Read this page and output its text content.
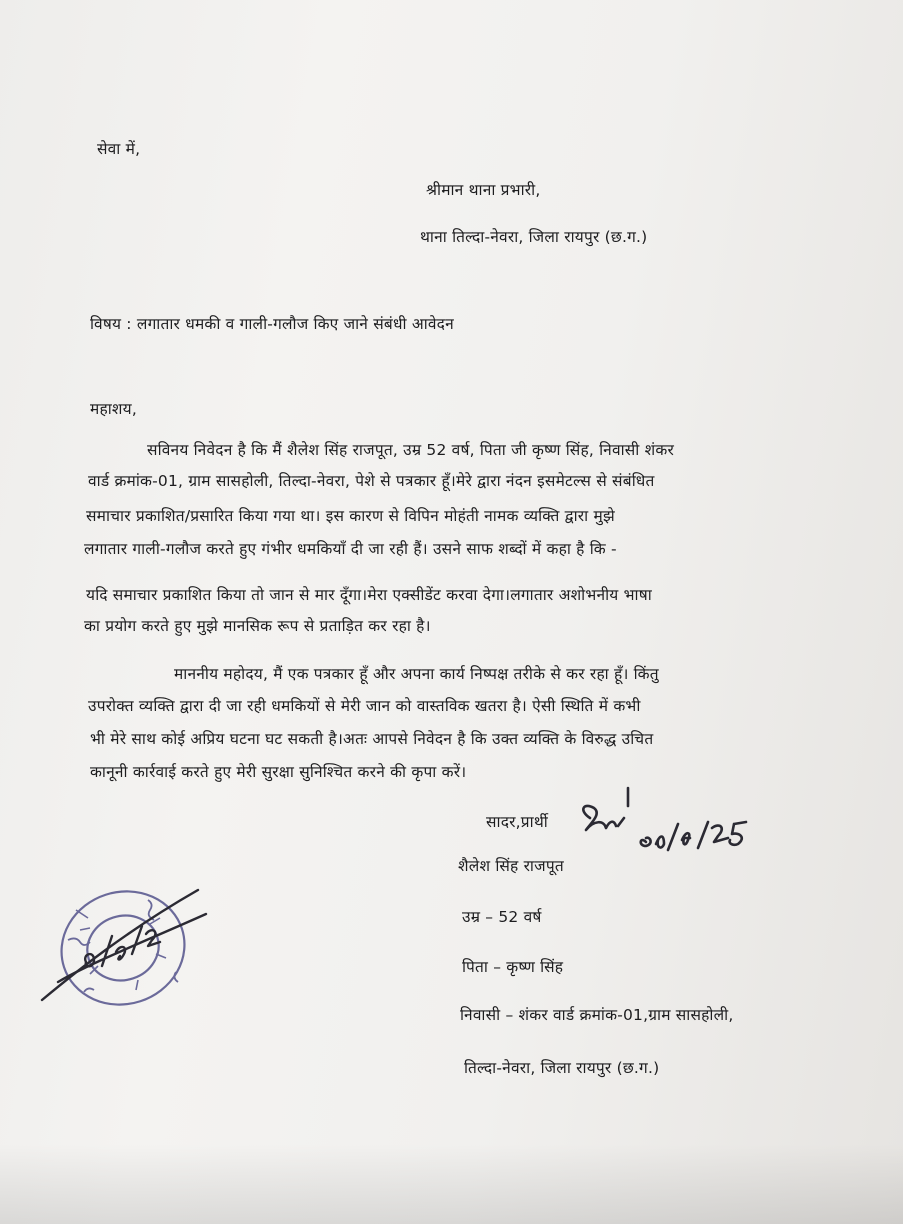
सेवा में,
श्रीमान थाना प्रभारी,
थाना तिल्दा-नेवरा, जिला रायपुर (छ.ग.)
विषय : लगातार धमकी व गाली-गलौज किए जाने संबंधी आवेदन
महाशय,
सविनय निवेदन है कि मैं शैलेश सिंह राजपूत, उम्र 52 वर्ष, पिता जी कृष्ण सिंह, निवासी शंकर
वार्ड क्रमांक-01, ग्राम सासहोली, तिल्दा-नेवरा, पेशे से पत्रकार हूँ।मेरे द्वारा नंदन इसमेटल्स से संबंधित
समाचार प्रकाशित/प्रसारित किया गया था। इस कारण से विपिन मोहंती नामक व्यक्ति द्वारा मुझे
लगातार गाली-गलौज करते हुए गंभीर धमकियाँ दी जा रही हैं। उसने साफ शब्दों में कहा है कि -
यदि समाचार प्रकाशित किया तो जान से मार दूँगा।मेरा एक्सीडेंट करवा देगा।लगातार अशोभनीय भाषा
का प्रयोग करते हुए मुझे मानसिक रूप से प्रताड़ित कर रहा है।
माननीय महोदय, मैं एक पत्रकार हूँ और अपना कार्य निष्पक्ष तरीके से कर रहा हूँ। किंतु
उपरोक्त व्यक्ति द्वारा दी जा रही धमकियों से मेरी जान को वास्तविक खतरा है। ऐसी स्थिति में कभी
भी मेरे साथ कोई अप्रिय घटना घट सकती है।अतः आपसे निवेदन है कि उक्त व्यक्ति के विरुद्ध उचित
कानूनी कार्रवाई करते हुए मेरी सुरक्षा सुनिश्चित करने की कृपा करें।
सादर,प्रार्थी
शैलेश सिंह राजपूत
उम्र – 52 वर्ष
पिता – कृष्ण सिंह
निवासी – शंकर वार्ड क्रमांक-01,ग्राम सासहोली,
तिल्दा-नेवरा, जिला रायपुर (छ.ग.)
